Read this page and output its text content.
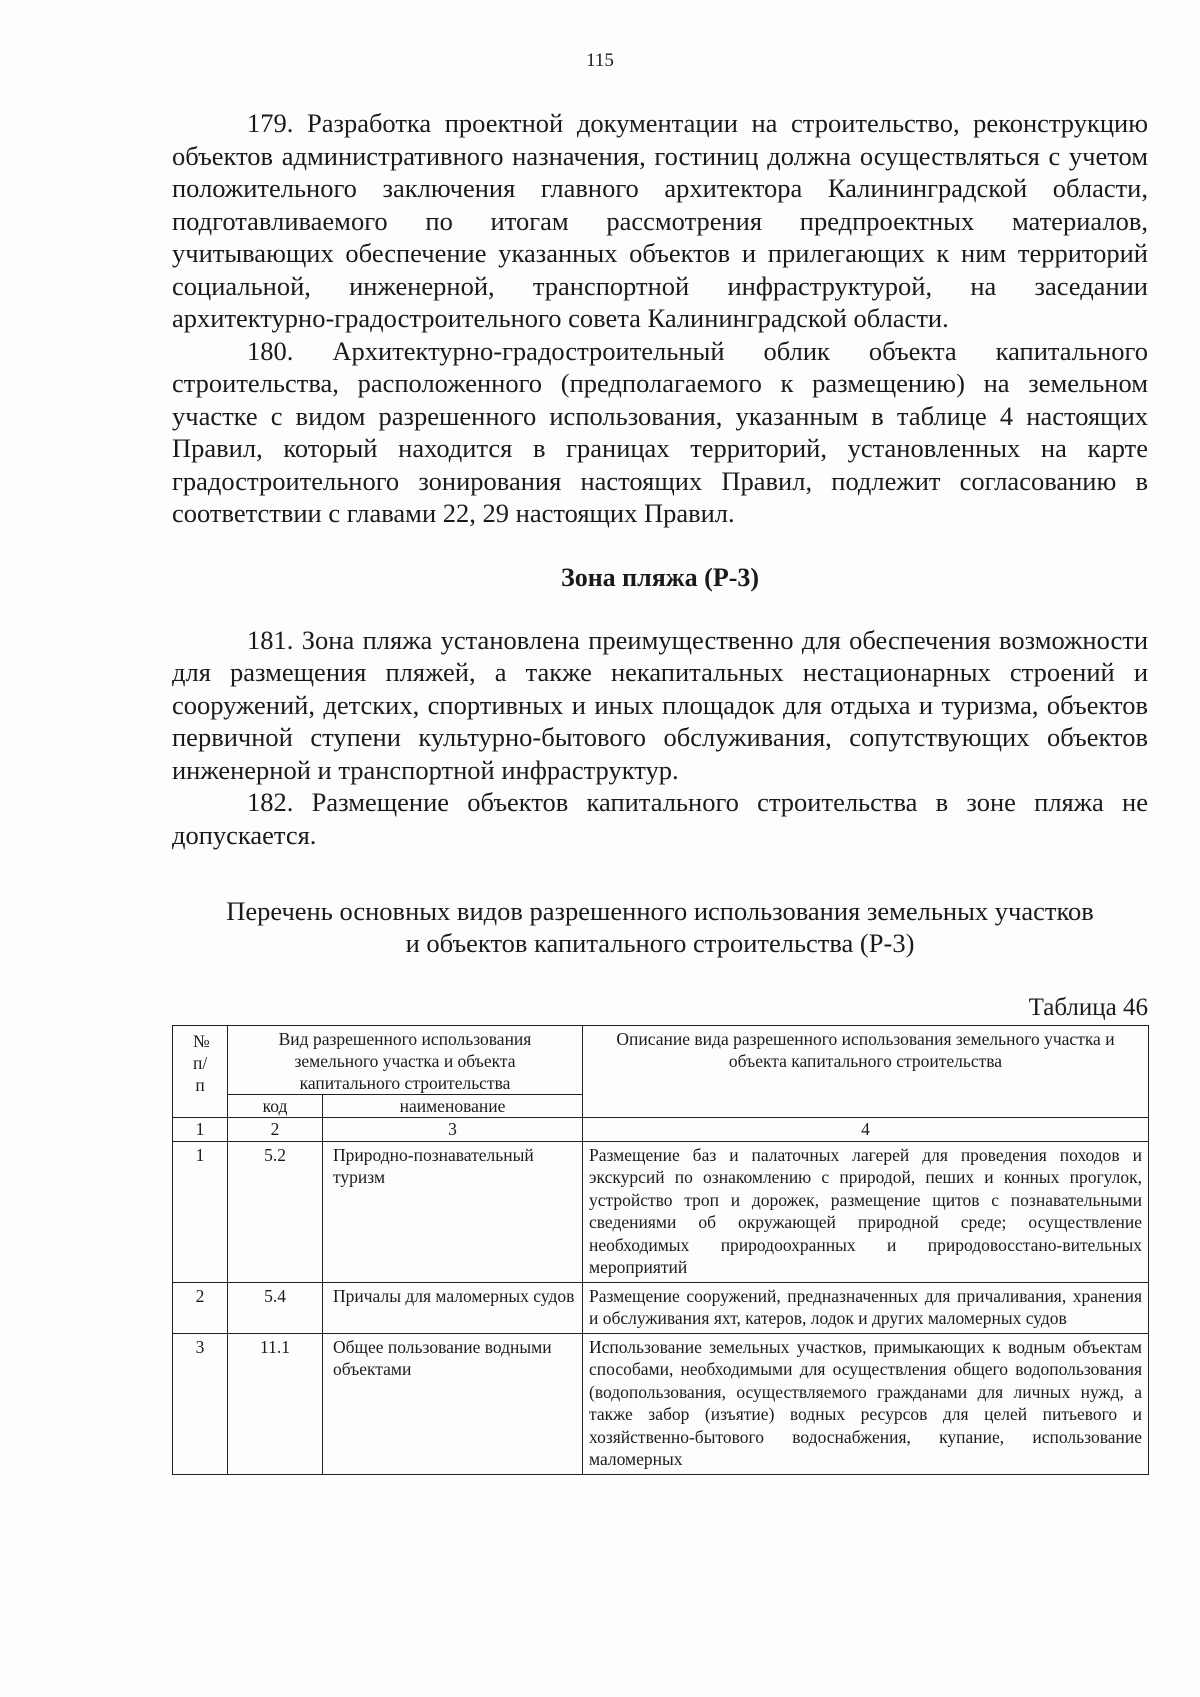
115

179. Разработка проектной документации на строительство, реконструкцию объектов административного назначения, гостиниц должна осуществляться с учетом положительного заключения главного архитектора Калининградской области, подготавливаемого по итогам рассмотрения предпроектных материалов, учитывающих обеспечение указанных объектов и прилегающих к ним территорий социальной, инженерной, транспортной инфраструктурой, на заседании архитектурно-градостроительного совета Калининградской области.

180. Архитектурно-градостроительный облик объекта капитального строительства, расположенного (предполагаемого к размещению) на земельном участке с видом разрешенного использования, указанным в таблице 4 настоящих Правил, который находится в границах территорий, установленных на карте градостроительного зонирования настоящих Правил, подлежит согласованию в соответствии с главами 22, 29 настоящих Правил.

Зона пляжа (Р-3)

181. Зона пляжа установлена преимущественно для обеспечения возможности для размещения пляжей, а также некапитальных нестационарных строений и сооружений, детских, спортивных и иных площадок для отдыха и туризма, объектов первичной ступени культурно-бытового обслуживания, сопутствующих объектов инженерной и транспортной инфраструктур.

182. Размещение объектов капитального строительства в зоне пляжа не допускается.

Перечень основных видов разрешенного использования земельных участков
и объектов капитального строительства (Р-3)
Таблица 46
№ п/п	Вид разрешенного использования земельного участка и объекта капитального строительства		Описание вида разрешенного использования земельного участка и объекта капитального строительства
	код	наименование	
1	2	3	4
1	5.2	Природно-познавательный туризм	Размещение баз и палаточных лагерей для проведения походов и экскурсий по ознакомлению с природой, пеших и конных прогулок, устройство троп и дорожек, размещение щитов с познавательными сведениями об окружающей природной среде; осуществление необходимых природоохранных и природовосстано-вительных мероприятий
2	5.4	Причалы для маломерных судов	Размещение сооружений, предназначенных для причаливания, хранения и обслуживания яхт, катеров, лодок и других маломерных судов
3	11.1	Общее пользование водными объектами	Использование земельных участков, примыкающих к водным объектам способами, необходимыми для осуществления общего водопользования (водопользования, осуществляемого гражданами для личных нужд, а также забор (изъятие) водных ресурсов для целей питьевого и хозяйственно-бытового водоснабжения, купание, использование маломерных
